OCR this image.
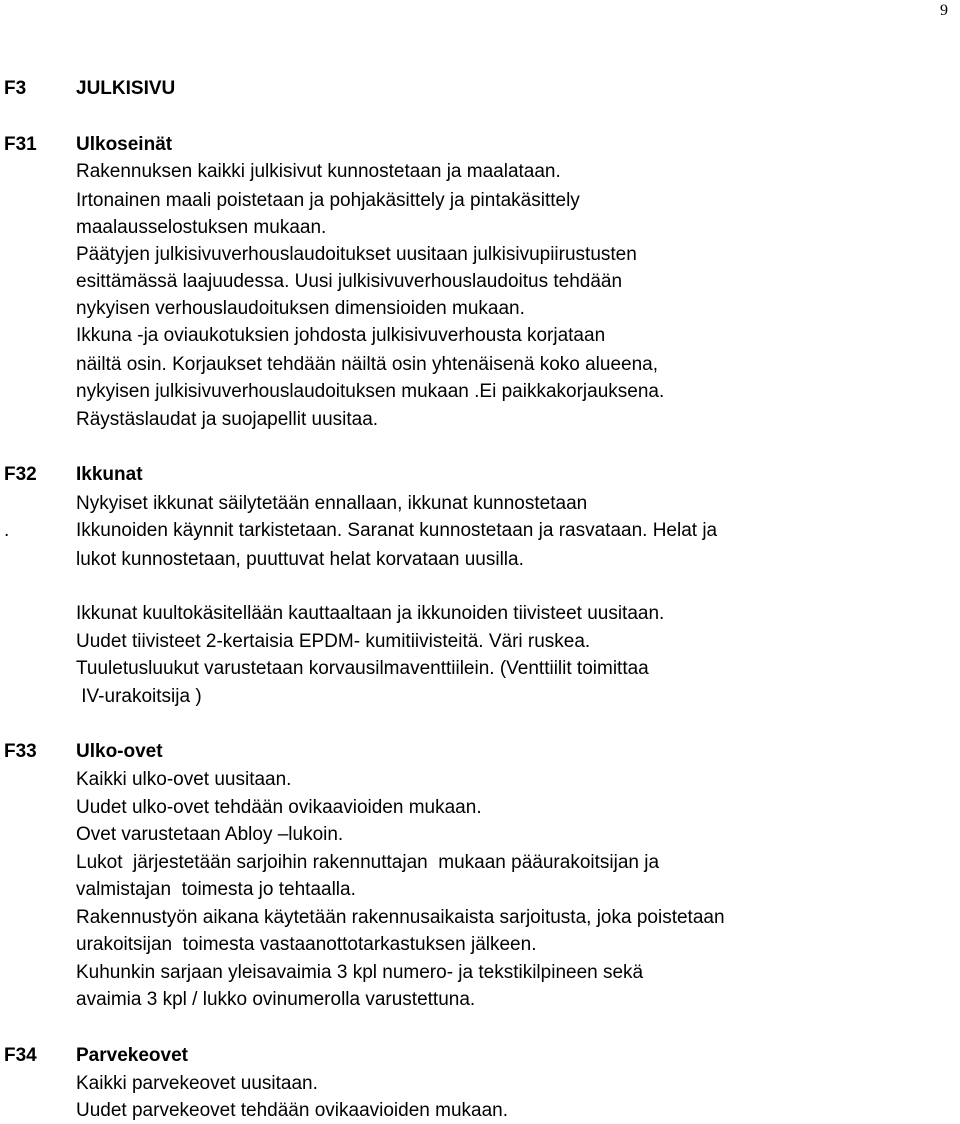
9
F3	JULKISIVU
F31 Ulkoseinät
Rakennuksen kaikki julkisivut kunnostetaan ja maalataan.
Irtonainen maali poistetaan ja pohjakäsittely ja pintakäsittely
maalausselostuksen mukaan.
Päätyjen julkisivuverhouslaudoitukset uusitaan julkisivupiirustusten
esittämässä laajuudessa. Uusi julkisivuverhouslaudoitus tehdään
nykyisen verhouslaudoituksen dimensioiden mukaan.
Ikkuna -ja oviaukotuksien johdosta julkisivuverhousta korjataan
näiltä osin. Korjaukset tehdään näiltä osin yhtenäisenä koko alueena,
nykyisen julkisivuverhouslaudoituksen mukaan .Ei paikkakorjauksena.
Räystäslaudat ja suojapellit uusitaa.
F32 Ikkunat
Nykyiset ikkunat säilytetään ennallaan, ikkunat kunnostetaan
.	Ikkunoiden käynnit tarkistetaan. Saranat kunnostetaan ja rasvataan. Helat ja
lukot kunnostetaan, puuttuvat helat korvataan uusilla.
Ikkunat kuultokäsitellään kauttaaltaan ja ikkunoiden tiivisteet uusitaan.
Uudet tiivisteet 2-kertaisia EPDM- kumitiivisteitä. Väri ruskea.
Tuuletusluukut varustetaan korvausilmaventtiilein. (Venttiilit toimittaa
IV-urakoitsija )
F33 Ulko-ovet
Kaikki ulko-ovet uusitaan.
Uudet ulko-ovet tehdään ovikaavioiden mukaan.
Ovet varustetaan Abloy –lukoin.
Lukot  järjestetään sarjoihin rakennuttajan  mukaan pääurakoitsijan ja
valmistajan  toimesta jo tehtaalla.
Rakennustyön aikana käytetään rakennusaikaista sarjoitusta, joka poistetaan
urakoitsijan  toimesta vastaanottotarkastuksen jälkeen.
Kuhunkin sarjaan yleisavaimia 3 kpl numero- ja tekstikilpineen sekä
avaimia 3 kpl / lukko ovinumerolla varustettuna.
F34 Parvekeovet
Kaikki parvekeovet uusitaan.
Uudet parvekeovet tehdään ovikaavioiden mukaan.
